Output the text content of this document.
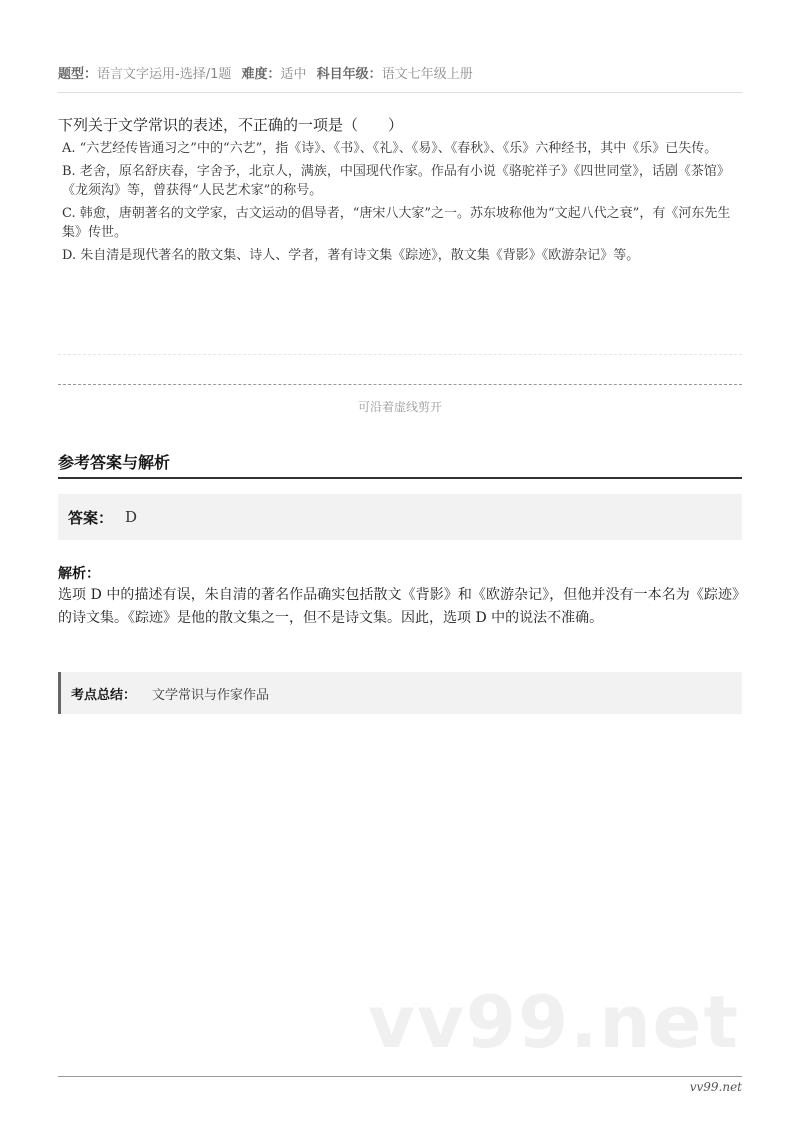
题型：语言文字运用-选择/1题 难度：适中 科目年级：语文七年级上册
下列关于文学常识的表述，不正确的一项是（　　）
A. “六艺经传皆通习之”中的“六艺”，指《诗》、《书》、《礼》、《易》、《春秋》、《乐》六种经书，其中《乐》已失传。
B. 老舍，原名舒庆春，字舍予，北京人，满族，中国现代作家。作品有小说《骆驼祥子》《四世同堂》，话剧《茶馆》《龙须沟》等，曾获得“人民艺术家”的称号。
C. 韩愈，唐朝著名的文学家，古文运动的倡导者，“唐宋八大家”之一。苏东坡称他为“文起八代之衰”，有《河东先生集》传世。
D. 朱自清是现代著名的散文集、诗人、学者，著有诗文集《踪迹》，散文集《背影》《欧游杂记》等。
可沿着虚线剪开
参考答案与解析
答案： D
解析：
选项 D 中的描述有误，朱自清的著名作品确实包括散文《背影》和《欧游杂记》，但他并没有一本名为《踪迹》的诗文集。《踪迹》是他的散文集之一，但不是诗文集。因此，选项 D 中的说法不准确。
考点总结： 文学常识与作家作品
vv99.net
vv99.net
